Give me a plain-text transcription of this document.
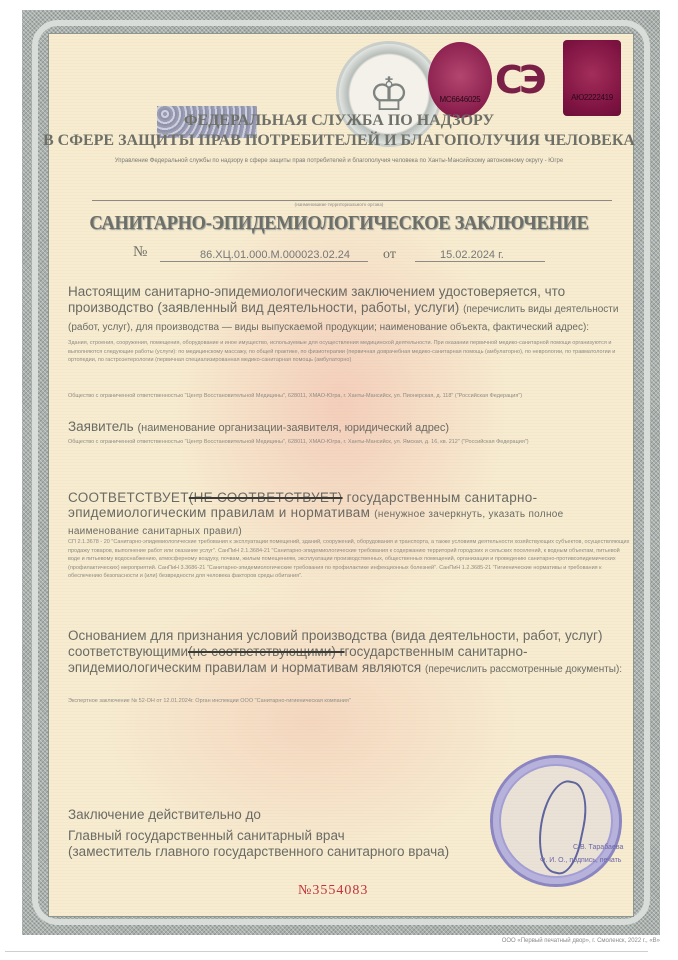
♔	МС6646025 СЭ	АЮ2222419
ФЕДЕРАЛЬНАЯ СЛУЖБА ПО НАДЗОРУ
В СФЕРЕ ЗАЩИТЫ ПРАВ ПОТРЕБИТЕЛЕЙ И БЛАГОПОЛУЧИЯ ЧЕЛОВЕКА
Управление Федеральной службы по надзору в сфере защиты прав потребителей и благополучия человека по Ханты-Мансийскому автономному округу - Югре
(наименование территориального органа)
САНИТАРНО-ЭПИДЕМИОЛОГИЧЕСКОЕ ЗАКЛЮЧЕНИЕ
№	86.ХЦ.01.000.М.000023.02.24 от	15.02.2024 г.
Настоящим санитарно-эпидемиологическим заключением удостоверяется, что производство (заявленный вид деятельности, работы, услуги) (перечислить виды деятельности (работ, услуг), для производства — виды выпускаемой продукции; наименование объекта, фактический адрес):
Здания, строения, сооружения, помещения, оборудование и иное имущество, используемые для осуществления медицинской деятельности. При оказании первичной медико-санитарной помощи организуются и выполняются следующие работы (услуги): по медицинскому массажу, по общей практике, по физиотерапии (первичная доврачебная медико-санитарная помощь (амбулаторно), по неврологии, по травматологии и ортопедии, по гастроэнтерологии (первичная специализированная медико-санитарная помощь (амбулаторно)
Общество с ограниченной ответственностью "Центр Восстановительной Медицины", 628011, ХМАО-Югра, г. Ханты-Мансийск, ул. Пионерская, д. 118" ("Российская Федерация")
Заявитель (наименование организации-заявителя, юридический адрес)
Общество с ограниченной ответственностью "Центр Восстановительной Медицины", 628011, ХМАО-Югра, г. Ханты-Мансийск, ул. Ямская, д. 16, кв. 212" ("Российская Федерация")
СООТВЕТСТВУЕТ(НЕ СООТВЕТСТВУЕТ) государственным санитарно-эпидемиологическим правилам и нормативам (ненужное зачеркнуть, указать полное наименование санитарных правил)
СП 2.1.3678 - 20 "Санитарно-эпидемиологические требования к эксплуатации помещений, зданий, сооружений, оборудования и транспорта, а также условиям деятельности хозяйствующих субъектов, осуществляющих продажу товаров, выполнение работ или оказание услуг". СанПиН 2.1.3684-21 "Санитарно-эпидемиологические требования к содержанию территорий городских и сельских поселений, к водным объектам, питьевой воде и питьевому водоснабжению, атмосферному воздуху, почвам, жилым помещениям, эксплуатации производственных, общественных помещений, организации и проведению санитарно-противоэпидемических (профилактических) мероприятий. СанПиН 3.3686-21 "Санитарно-эпидемиологические требования по профилактике инфекционных болезней". СанПиН 1.2.3685-21 "Гигиенические нормативы и требования к обеспечению безопасности и (или) безвредности для человека факторов среды обитания".
Основанием для признания условий производства (вида деятельности, работ, услуг) соответствующими(не соответствующими) ггосударственным санитарно-эпидемиологическим правилам и нормативам являются (перечислить рассмотренные документы):
Экспертное заключение № 52-ОН от 12.01.2024г. Орган инспекции ООО "Санитарно-гигиеническая компания"
Заключение действительно до
Главный государственный санитарный врач
(заместитель главного государственного санитарного врача)	С.В. Тарабаева
Ф. И. О., подпись, печать
№3554083
ООО «Первый печатный двор», г. Смоленск, 2022 г., «В»
